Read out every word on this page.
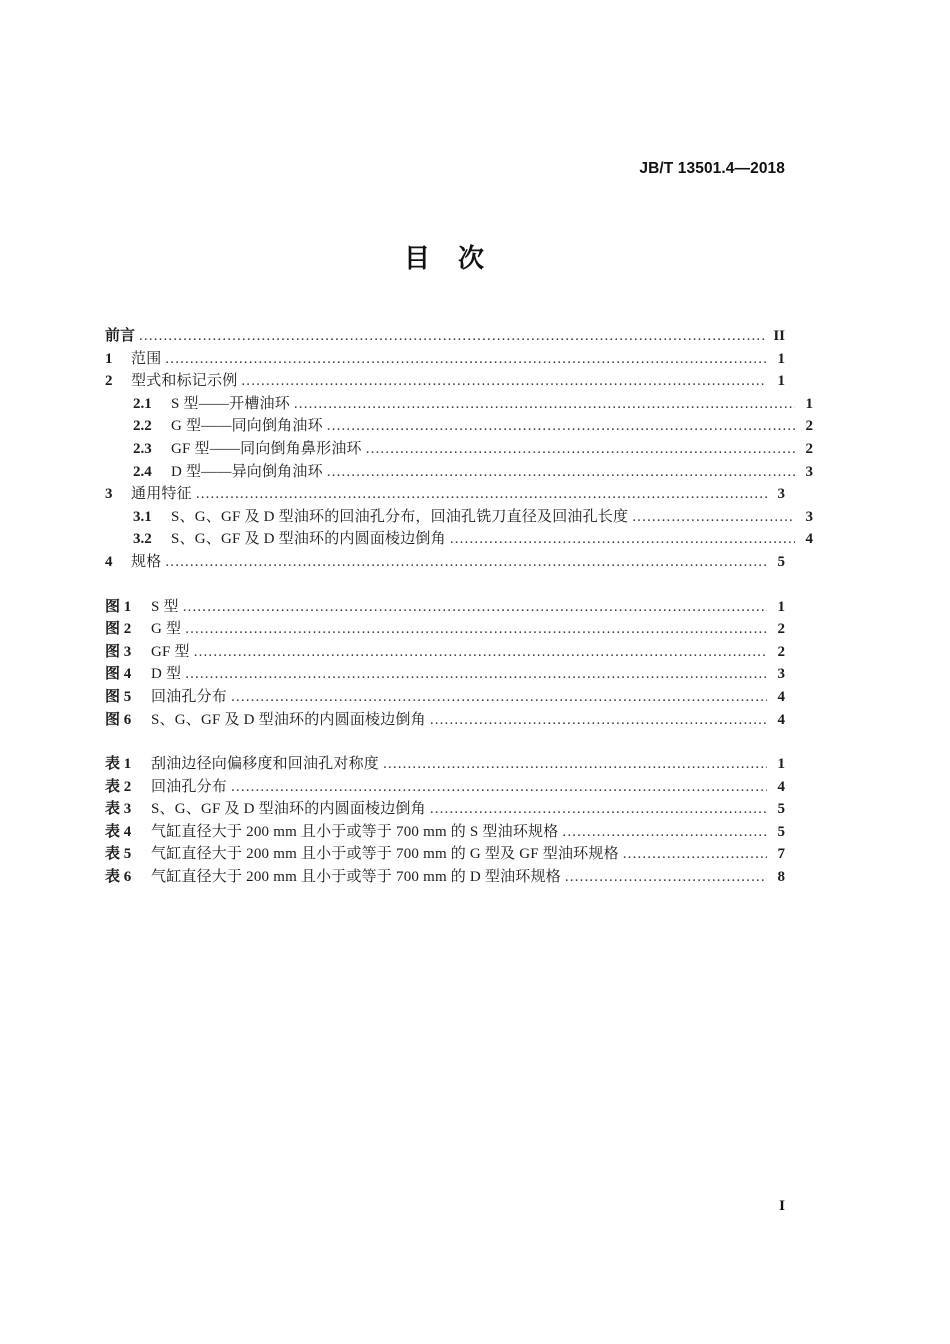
JB/T 13501.4—2018
目 次
前言 .....	II
1	范围 .....	1
2	型式和标记示例 .....	1
2.1	S 型——开槽油环 .....	1
2.2	G 型——同向倒角油环 .....	2
2.3	GF 型——同向倒角鼻形油环 .....	2
2.4	D 型——异向倒角油环 .....	3
3	通用特征 .....	3
3.1	S、G、GF 及 D 型油环的回油孔分布，回油孔铣刀直径及回油孔长度 .....	3
3.2	S、G、GF 及 D 型油环的内圆面棱边倒角 .....	4
4	规格 .....	5
图 1	S 型 .....	1
图 2	G 型 .....	2
图 3	GF 型 .....	2
图 4	D 型 .....	3
图 5	回油孔分布 .....	4
图 6	S、G、GF 及 D 型油环的内圆面棱边倒角 .....	4
表 1	刮油边径向偏移度和回油孔对称度 .....	1
表 2	回油孔分布 .....	4
表 3	S、G、GF 及 D 型油环的内圆面棱边倒角 .....	5
表 4	气缸直径大于 200 mm 且小于或等于 700 mm 的 S 型油环规格 .....	5
表 5	气缸直径大于 200 mm 且小于或等于 700 mm 的 G 型及 GF 型油环规格 .....	7
表 6	气缸直径大于 200 mm 且小于或等于 700 mm 的 D 型油环规格 .....	8
I
